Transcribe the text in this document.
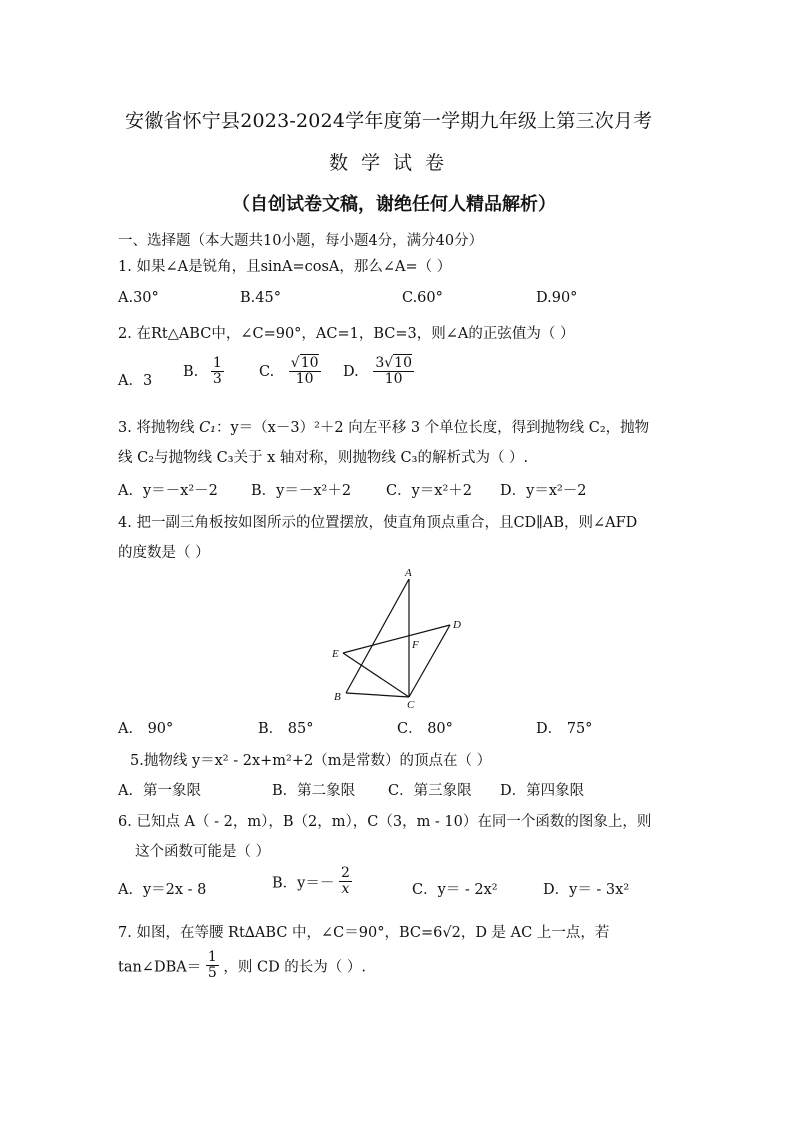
安徽省怀宁县2023-2024学年度第一学期九年级上第三次月考
数学试卷
（自创试卷文稿，谢绝任何人精品解析）
一、选择题（本大题共10小题，每小题4分，满分40分）
1. 如果∠A是锐角，且sinA=cosA，那么∠A=（ ）
A.30°	B.45°	C.60°	D.90°
2. 在Rt△ABC中，∠C=90°，AC=1，BC=3，则∠A的正弦值为（ ）
A．3
B. $\frac{1}{3} C$. $\frac{√10}{10} D$. $\frac{3√10}{10}$
3. 将抛物线 C₁：y＝（x－3）²＋2 向左平移 3 个单位长度，得到抛物线 C₂，抛物
线 C₂与抛物线 C₃关于 x 轴对称，则抛物线 C₃的解析式为（ ）.
A．y＝－x²－2 B．y＝－x²＋2 C．y＝x²＋2 D．y＝x²－2
4. 把一副三角板按如图所示的位置摆放，使直角顶点重合，且CD∥AB，则∠AFD
的度数是（ ）
A
D
E
F
B
C
A． 90°	B． 85°	C． 80°	D． 75°
5.抛物线 y＝x² - 2x+m²+2（m是常数）的顶点在（ ）
A．第一象限	B．第二象限 C．第三象限 D．第四象限
6. 已知点 A（ - 2，m），B（2，m），C（3，m - 10）在同一个函数的图象上，则
这个函数可能是（ ）
A．y＝2x - 8	B．$y=- \frac{2}{x}$	C．y＝ - 2x²	D．y＝ - 3x²
7. 如图，在等腰 Rt∆ABC 中，∠C＝90°，BC=6√2，D 是 AC 上一点，若
tan∠DBA＝ $\frac{1}{5}$ ，则 CD 的长为（ ）.
